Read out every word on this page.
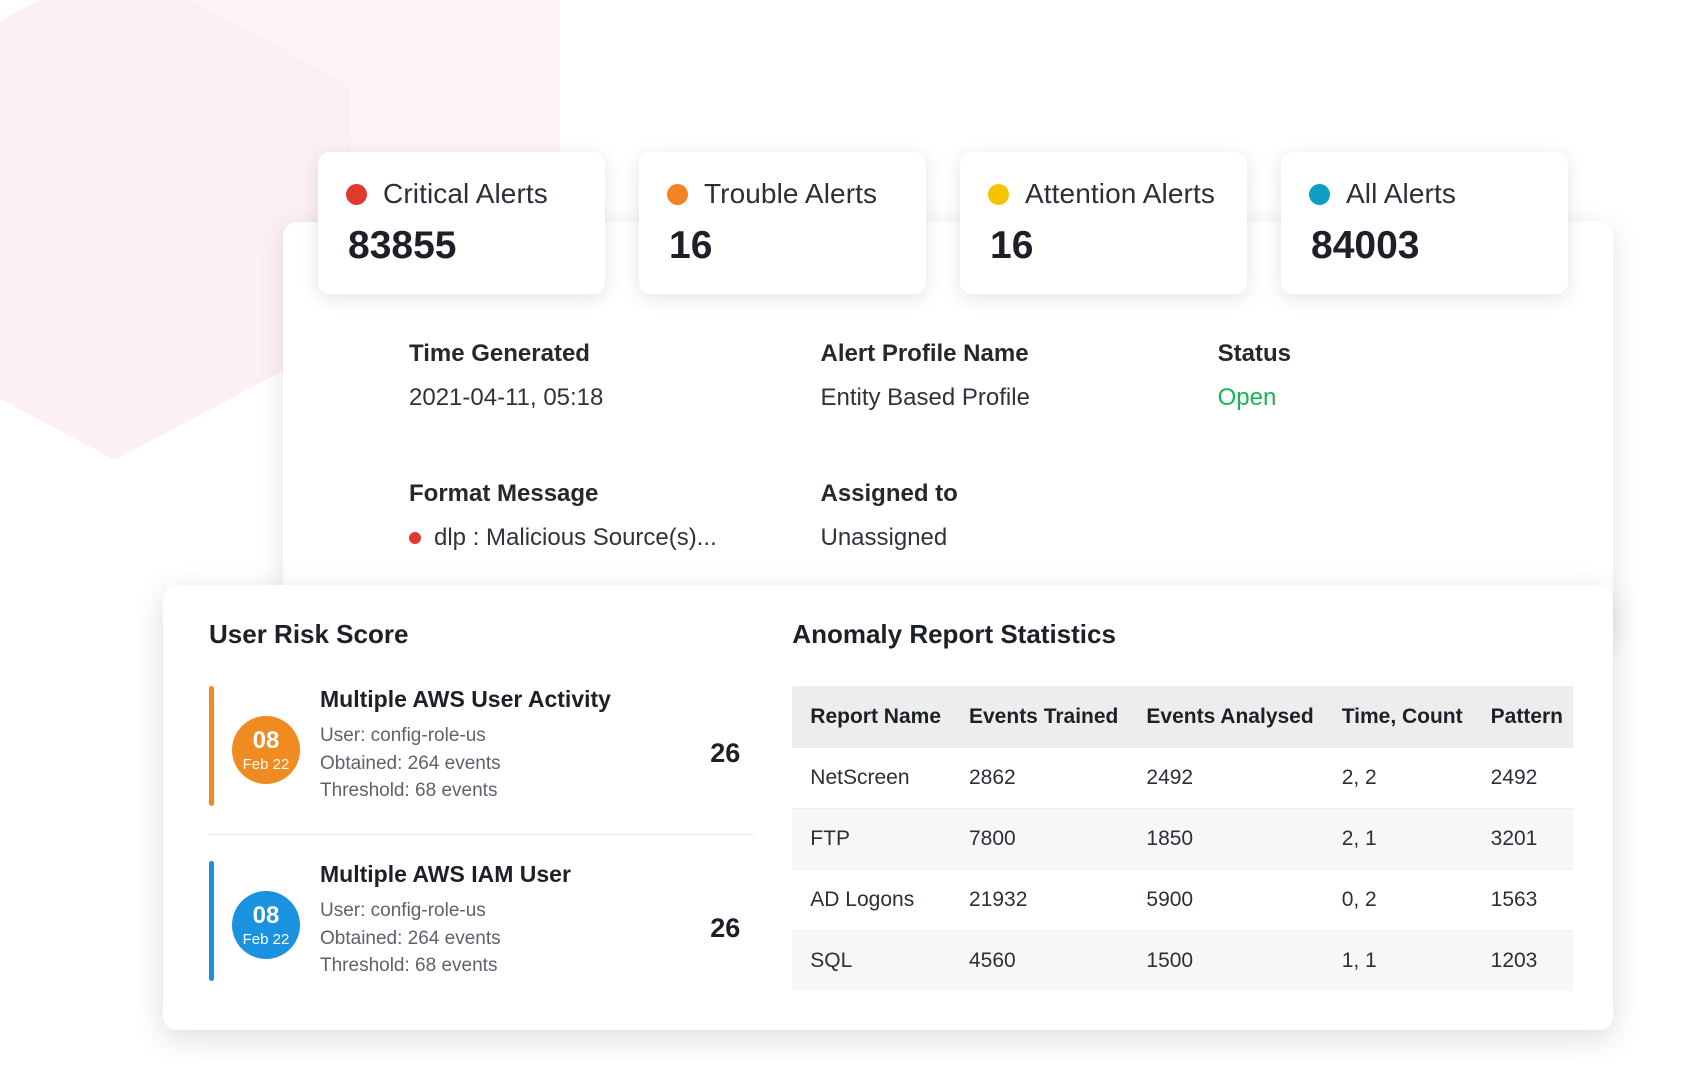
Critical Alerts
83855
Trouble Alerts
16
Attention Alerts
16
All Alerts
84003
Time Generated
2021-04-11, 05:18
Alert Profile Name
Entity Based Profile
Status
Open
Format Message
dlp : Malicious Source(s)...
Assigned to
Unassigned
User Risk Score
08
Feb 22
Multiple AWS User Activity
User: config-role-us
Obtained: 264 events
Threshold: 68 events
26
08
Feb 22
Multiple AWS IAM User
User: config-role-us
Obtained: 264 events
Threshold: 68 events
26
Anomaly Report Statistics
Report Name	Events Trained	Events Analysed	Time, Count	Pattern
NetScreen	2862	2492	2, 2	2492
FTP	7800	1850	2, 1	3201
AD Logons	21932	5900	0, 2	1563
SQL	4560	1500	1, 1	1203
